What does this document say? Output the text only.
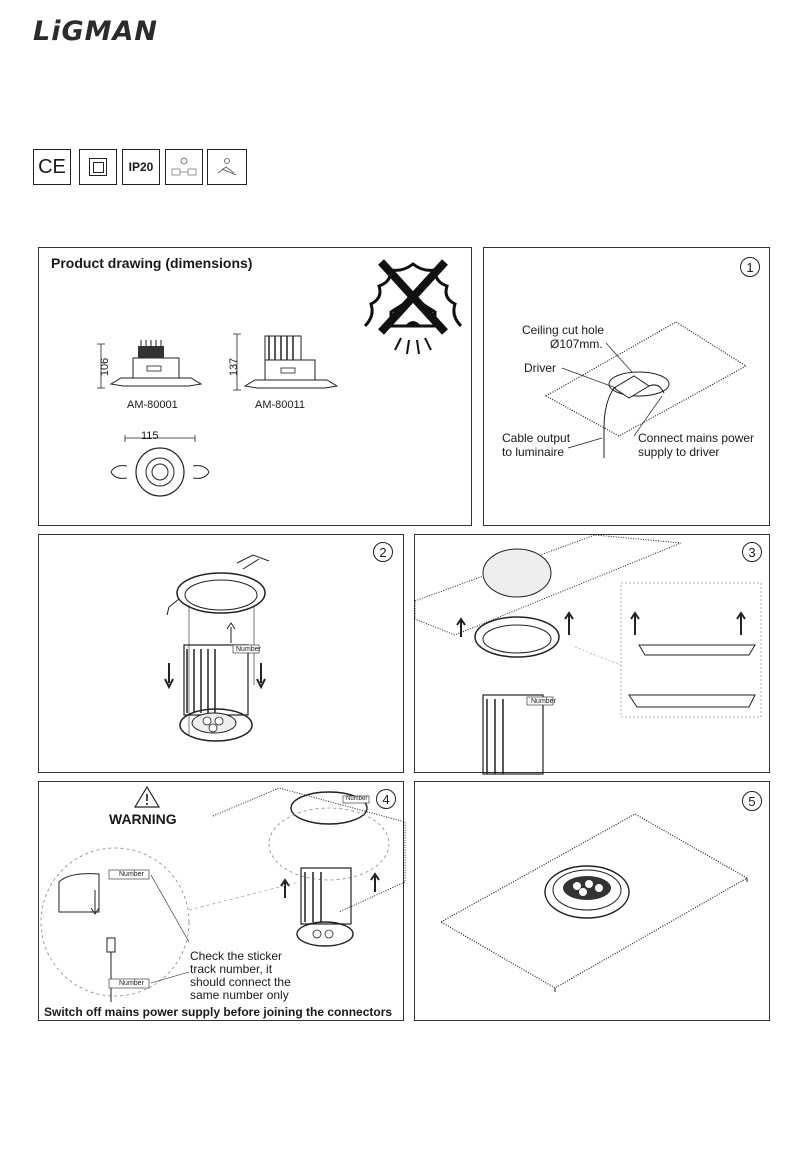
LiGMAN
CE	IP20
Product drawing (dimensions)
106
AM-80001
137
AM-80011
115
1
Ceiling cut hole
Ø107mm.
Driver
Cable output
to luminaire
Connect mains power
supply to driver
2
Number
3
Number
4
WARNING
Number
Number
Number
Check the sticker
track number, it
should connect the
same number only
Switch off mains power supply before joining the connectors
5
